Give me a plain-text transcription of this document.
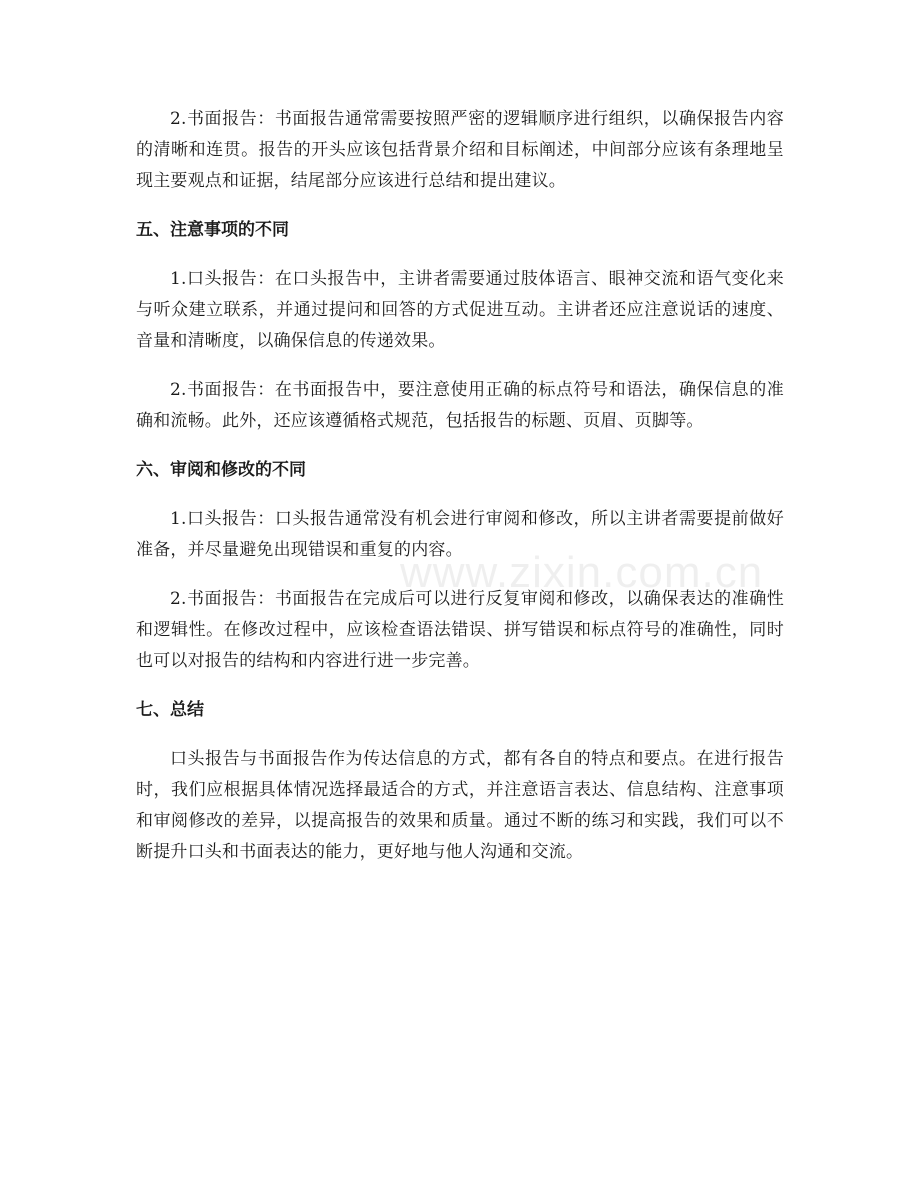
www.zixin.com.cn

2.书面报告：书面报告通常需要按照严密的逻辑顺序进行组织，以确保报告内容的清晰和连贯。报告的开头应该包括背景介绍和目标阐述，中间部分应该有条理地呈现主要观点和证据，结尾部分应该进行总结和提出建议。

五、注意事项的不同

1.口头报告：在口头报告中，主讲者需要通过肢体语言、眼神交流和语气变化来与听众建立联系，并通过提问和回答的方式促进互动。主讲者还应注意说话的速度、音量和清晰度，以确保信息的传递效果。

2.书面报告：在书面报告中，要注意使用正确的标点符号和语法，确保信息的准确和流畅。此外，还应该遵循格式规范，包括报告的标题、页眉、页脚等。

六、审阅和修改的不同

1.口头报告：口头报告通常没有机会进行审阅和修改，所以主讲者需要提前做好准备，并尽量避免出现错误和重复的内容。

2.书面报告：书面报告在完成后可以进行反复审阅和修改，以确保表达的准确性和逻辑性。在修改过程中，应该检查语法错误、拼写错误和标点符号的准确性，同时也可以对报告的结构和内容进行进一步完善。

七、总结

口头报告与书面报告作为传达信息的方式，都有各自的特点和要点。在进行报告时，我们应根据具体情况选择最适合的方式，并注意语言表达、信息结构、注意事项和审阅修改的差异，以提高报告的效果和质量。通过不断的练习和实践，我们可以不断提升口头和书面表达的能力，更好地与他人沟通和交流。
